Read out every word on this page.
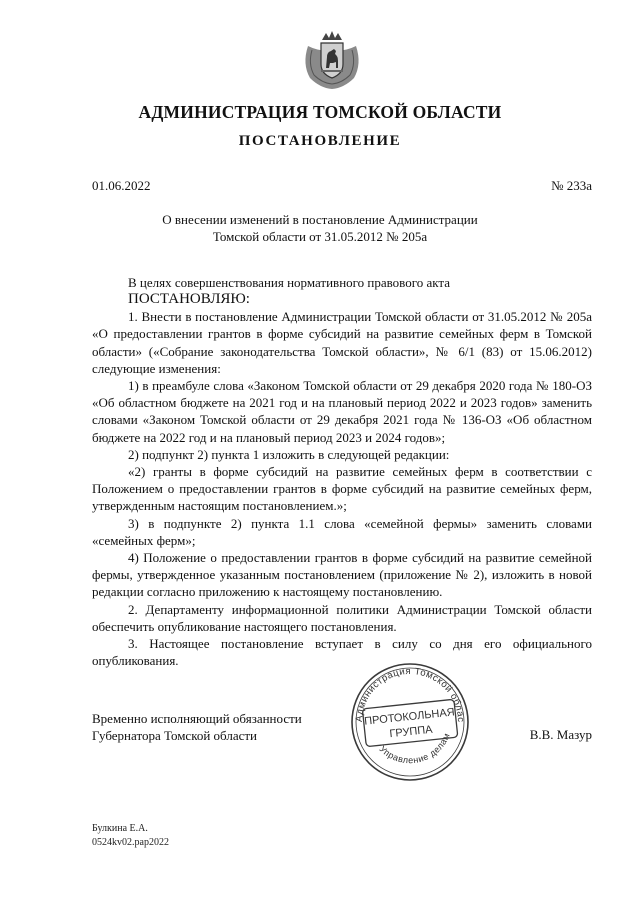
АДМИНИСТРАЦИЯ ТОМСКОЙ ОБЛАСТИ
ПОСТАНОВЛЕНИЕ
01.06.2022	№ 233а
О внесении изменений в постановление Администрации
Томской области от 31.05.2012 № 205а

В целях совершенствования нормативного правового акта

ПОСТАНОВЛЯЮ:

1. Внести в постановление Администрации Томской области от 31.05.2012 № 205а «О предоставлении грантов в форме субсидий на развитие семейных ферм в Томской области» («Собрание законодательства Томской области», № 6/1 (83) от 15.06.2012) следующие изменения:

1) в преамбуле слова «Законом Томской области от 29 декабря 2020 года № 180-ОЗ «Об областном бюджете на 2021 год и на плановый период 2022 и 2023 годов» заменить словами «Законом Томской области от 29 декабря 2021 года № 136-ОЗ «Об областном бюджете на 2022 год и на плановый период 2023 и 2024 годов»;

2) подпункт 2) пункта 1 изложить в следующей редакции:

«2) гранты в форме субсидий на развитие семейных ферм в соответствии с Положением о предоставлении грантов в форме субсидий на развитие семейных ферм, утвержденным настоящим постановлением.»;

3) в подпункте 2) пункта 1.1 слова «семейной фермы» заменить словами «семейных ферм»;

4) Положение о предоставлении грантов в форме субсидий на развитие семейной фермы, утвержденное указанным постановлением (приложение № 2), изложить в новой редакции согласно приложению к настоящему постановлению.

2. Департаменту информационной политики Администрации Томской области обеспечить опубликование настоящего постановления.

3. Настоящее постановление вступает в силу со дня его официального опубликования.

Администрация Томской облас
Управление делам
ПРОТОКОЛЬНАЯ
ГРУППА
Временно исполняющий обязанности
Губернатора Томской области	В.В. Мазур
Булкина Е.А.
0524kv02.pap2022
